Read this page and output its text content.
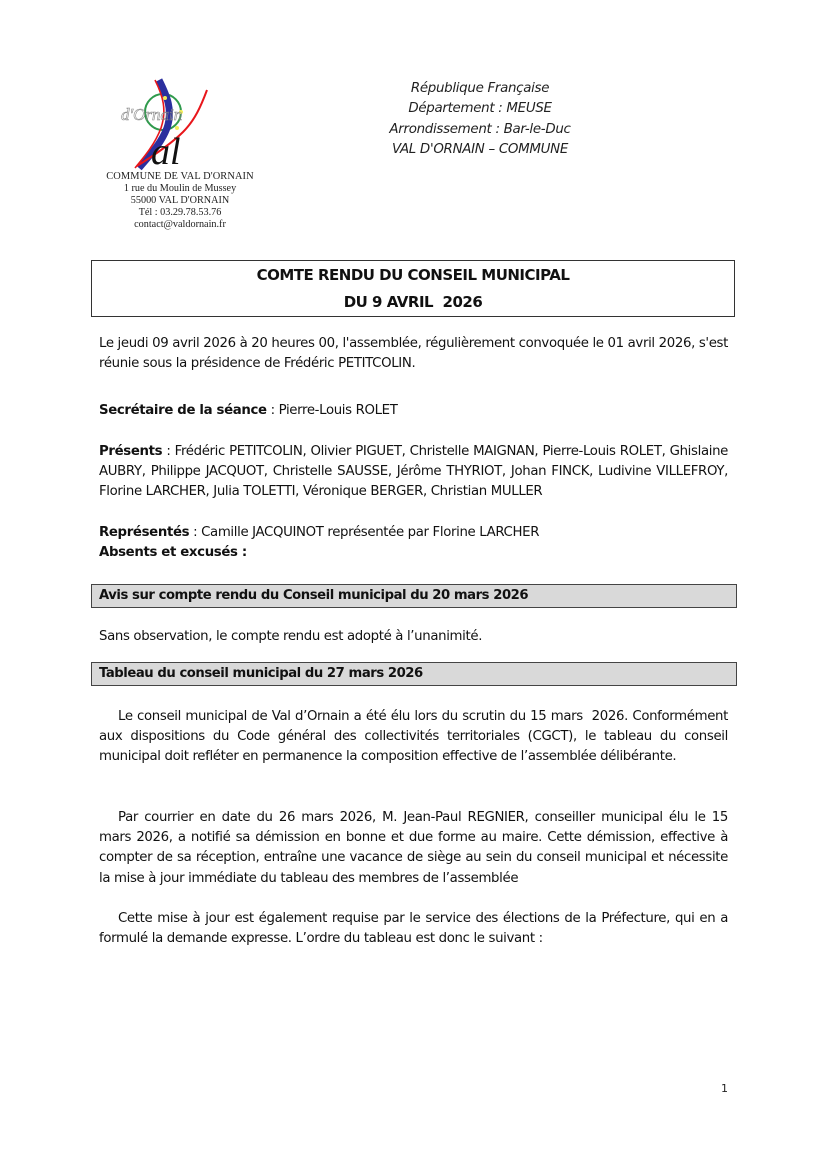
d'Ornain
al
COMMUNE DE VAL D'ORNAIN
1 rue du Moulin de Mussey
55000 VAL D'ORNAIN
Tél : 03.29.78.53.76
contact@valdornain.fr
République Française
Département : MEUSE
Arrondissement : Bar-le-Duc
VAL D'ORNAIN – COMMUNE
COMTE RENDU DU CONSEIL MUNICIPAL
DU 9 AVRIL  2026
Le jeudi 09 avril 2026 à 20 heures 00, l'assemblée, régulièrement convoquée le 01 avril 2026, s'est réunie sous la présidence de Frédéric PETITCOLIN.
Secrétaire de la séance : Pierre-Louis ROLET
Présents : Frédéric PETITCOLIN, Olivier PIGUET, Christelle MAIGNAN, Pierre-Louis ROLET, Ghislaine AUBRY, Philippe JACQUOT, Christelle SAUSSE, Jérôme THYRIOT, Johan FINCK, Ludivine VILLEFROY, Florine LARCHER, Julia TOLETTI, Véronique BERGER, Christian MULLER
Représentés : Camille JACQUINOT représentée par Florine LARCHER
Absents et excusés :
Avis sur compte rendu du Conseil municipal du 20 mars 2026
Sans observation, le compte rendu est adopté à l’unanimité.
Tableau du conseil municipal du 27 mars 2026
Le conseil municipal de Val d’Ornain a été élu lors du scrutin du 15 mars  2026. Conformément aux dispositions du Code général des collectivités territoriales (CGCT), le tableau du conseil municipal doit refléter en permanence la composition effective de l’assemblée délibérante.
Par courrier en date du 26 mars 2026, M. Jean-Paul REGNIER, conseiller municipal élu le 15 mars 2026, a notifié sa démission en bonne et due forme au maire. Cette démission, effective à compter de sa réception, entraîne une vacance de siège au sein du conseil municipal et nécessite la mise à jour immédiate du tableau des membres de l’assemblée
Cette mise à jour est également requise par le service des élections de la Préfecture, qui en a formulé la demande expresse. L’ordre du tableau est donc le suivant :
1
